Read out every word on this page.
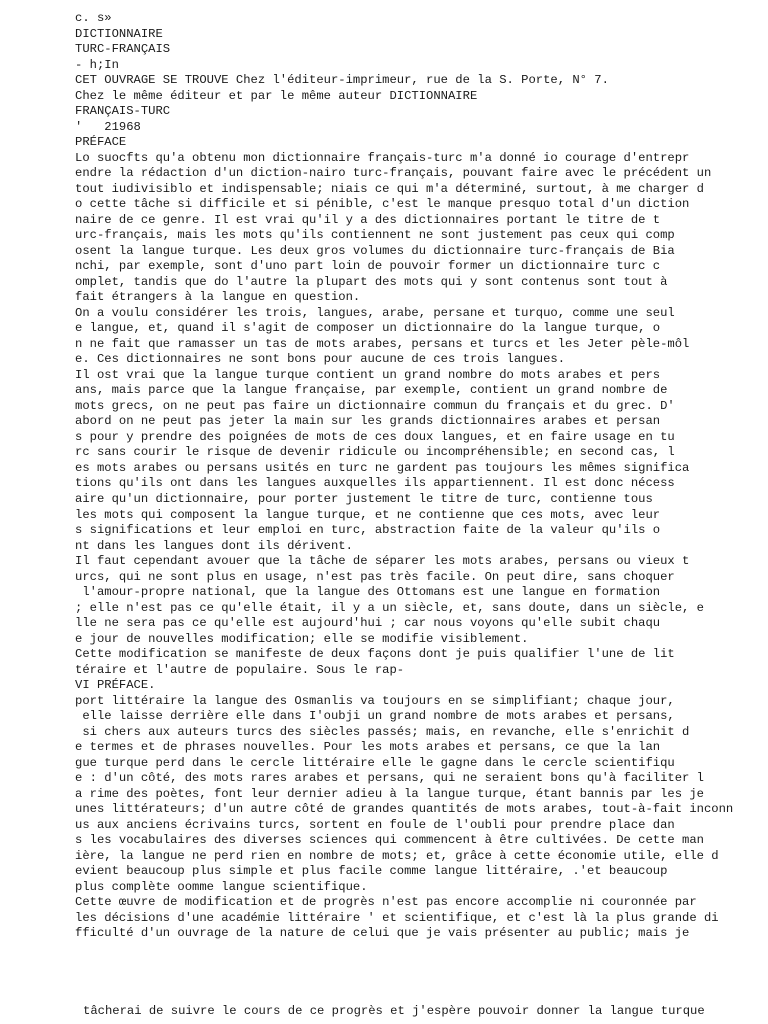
c. s»
DICTIONNAIRE
TURC-FRANÇAIS
- h;In
CET OUVRAGE SE TROUVE Chez l'éditeur-imprimeur, rue de la S. Porte, N° 7.
Chez le même éditeur et par le même auteur DICTIONNAIRE
FRANÇAIS-TURC
'   21968
PRÉFACE
Lo suocfts qu'a obtenu mon dictionnaire français-turc m'a donné io courage d'entrepr
endre la rédaction d'un diction-nairo turc-français, pouvant faire avec le précédent un
tout iudivisiblo et indispensable; niais ce qui m'a déterminé, surtout, à me charger d
o cette tâche si difficile et si pénible, c'est le manque presquo total d'un diction
naire de ce genre. Il est vrai qu'il y a des dictionnaires portant le titre de t
urc-français, mais les mots qu'ils contiennent ne sont justement pas ceux qui comp
osent la langue turque. Les deux gros volumes du dictionnaire turc-français de Bia
nchi, par exemple, sont d'uno part loin de pouvoir former un dictionnaire turc c
omplet, tandis que do l'autre la plupart des mots qui y sont contenus sont tout à
fait étrangers à la langue en question.
On a voulu considérer les trois, langues, arabe, persane et turquo, comme une seul
e langue, et, quand il s'agit de composer un dictionnaire do la langue turque, o
n ne fait que ramasser un tas de mots arabes, persans et turcs et les Jeter pèle-môl
e. Ces dictionnaires ne sont bons pour aucune de ces trois langues.
Il ost vrai que la langue turque contient un grand nombre do mots arabes et pers
ans, mais parce que la langue française, par exemple, contient un grand nombre de
mots grecs, on ne peut pas faire un dictionnaire commun du français et du grec. D'
abord on ne peut pas jeter la main sur les grands dictionnaires arabes et persan
s pour y prendre des poignées de mots de ces doux langues, et en faire usage en tu
rc sans courir le risque de devenir ridicule ou incompréhensible; en second cas, l
es mots arabes ou persans usités en turc ne gardent pas toujours les mêmes significa
tions qu'ils ont dans les langues auxquelles ils appartiennent. Il est donc nécess
aire qu'un dictionnaire, pour porter justement le titre de turc, contienne tous
les mots qui composent la langue turque, et ne contienne que ces mots, avec leur
s significations et leur emploi en turc, abstraction faite de la valeur qu'ils o
nt dans les langues dont ils dérivent.
Il faut cependant avouer que la tâche de séparer les mots arabes, persans ou vieux t
urcs, qui ne sont plus en usage, n'est pas très facile. On peut dire, sans choquer
l'amour-propre national, que la langue des Ottomans est une langue en formation
; elle n'est pas ce qu'elle était, il y a un siècle, et, sans doute, dans un siècle, e
lle ne sera pas ce qu'elle est aujourd'hui ; car nous voyons qu'elle subit chaqu
e jour de nouvelles modification; elle se modifie visiblement.
Cette modification se manifeste de deux façons dont je puis qualifier l'une de lit
téraire et l'autre de populaire. Sous le rap-
VI PRÉFACE.
port littéraire la langue des Osmanlis va toujours en se simplifiant; chaque jour,
elle laisse derrière elle dans I'oubji un grand nombre de mots arabes et persans,
si chers aux auteurs turcs des siècles passés; mais, en revanche, elle s'enrichit d
e termes et de phrases nouvelles. Pour les mots arabes et persans, ce que la lan
gue turque perd dans le cercle littéraire elle le gagne dans le cercle scientifiqu
e : d'un côté, des mots rares arabes et persans, qui ne seraient bons qu'à faciliter l
a rime des poètes, font leur dernier adieu à la langue turque, étant bannis par les je
unes littérateurs; d'un autre côté de grandes quantités de mots arabes, tout-à-fait inconn
us aux anciens écrivains turcs, sortent en foule de l'oubli pour prendre place dan
s les vocabulaires des diverses sciences qui commencent à être cultivées. De cette man
ière, la langue ne perd rien en nombre de mots; et, grâce à cette économie utile, elle d
evient beaucoup plus simple et plus facile comme langue littéraire, .'et beaucoup
plus complète oomme langue scientifique.
Cette œuvre de modification et de progrès n'est pas encore accomplie ni couronnée par
les décisions d'une académie littéraire ' et scientifique, et c'est là la plus grande di
fficulté d'un ouvrage de la nature de celui que je vais présenter au public; mais je
tâcherai de suivre le cours de ce progrès et j'espère pouvoir donner la langue turque
